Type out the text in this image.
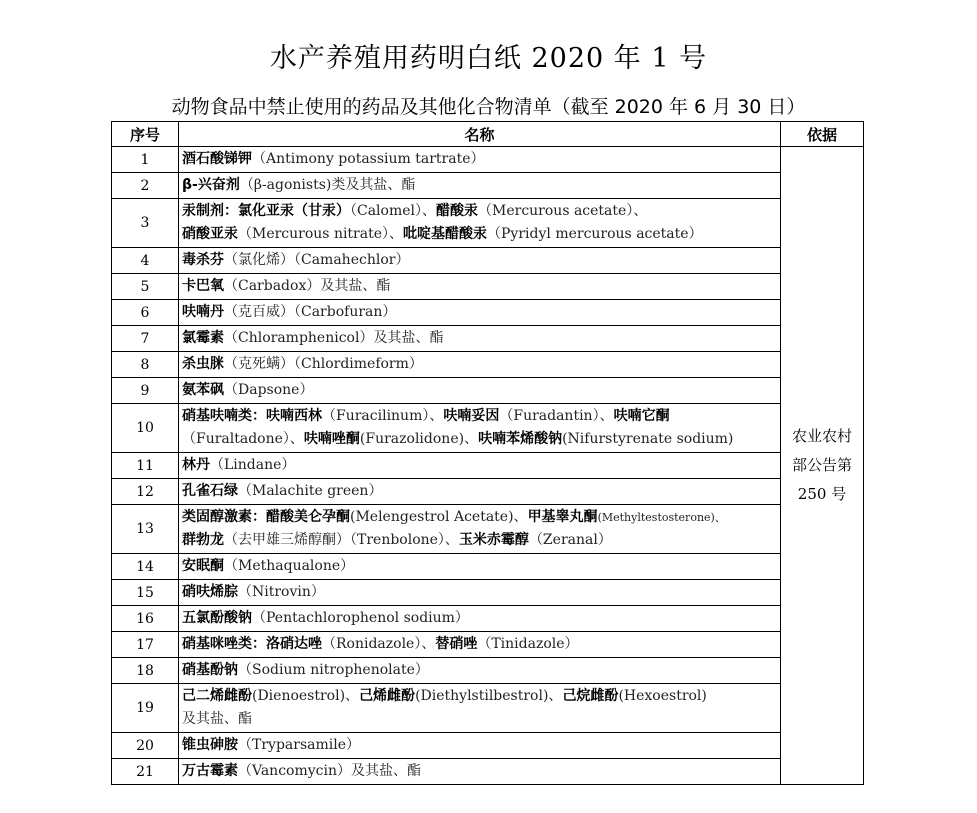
水产养殖用药明白纸 2020 年 1 号
动物食品中禁止使用的药品及其他化合物清单（截至 2020 年 6 月 30 日）
序号	名称	依据
1	酒石酸锑钾（Antimony potassium tartrate）	农业农村
部公告第
250 号

2	β-兴奋剂（β-agonists)类及其盐、酯	

3	汞制剂：氯化亚汞（甘汞）（Calomel）、醋酸汞（Mercurous acetate）、
硝酸亚汞（Mercurous nitrate）、吡啶基醋酸汞（Pyridyl mercurous acetate）	

4	毒杀芬（氯化烯）（Camahechlor）	

5	卡巴氧（Carbadox）及其盐、酯	

6	呋喃丹（克百威）（Carbofuran）	

7	氯霉素（Chloramphenicol）及其盐、酯	

8	杀虫脒（克死螨）（Chlordimeform）	

9	氨苯砜（Dapsone）	

10	硝基呋喃类：呋喃西林（Furacilinum）、呋喃妥因（Furadantin）、呋喃它酮
（Furaltadone）、呋喃唑酮(Furazolidone)、呋喃苯烯酸钠(Nifurstyrenate sodium)	

11	林丹（Lindane）	

12	孔雀石绿（Malachite green）	

13	类固醇激素：醋酸美仑孕酮(Melengestrol Acetate)、甲基睾丸酮(Methyltestosterone)、
群勃龙（去甲雄三烯醇酮）（Trenbolone）、玉米赤霉醇（Zeranal）	

14	安眠酮（Methaqualone）	

15	硝呋烯腙（Nitrovin）	

16	五氯酚酸钠（Pentachlorophenol sodium）	

17	硝基咪唑类：洛硝达唑（Ronidazole）、替硝唑（Tinidazole）	

18	硝基酚钠（Sodium nitrophenolate）	

19	己二烯雌酚(Dienoestrol)、己烯雌酚(Diethylstilbestrol)、己烷雌酚(Hexoestrol)
及其盐、酯	

20	锥虫砷胺（Tryparsamile）	

21	万古霉素（Vancomycin）及其盐、酯	
